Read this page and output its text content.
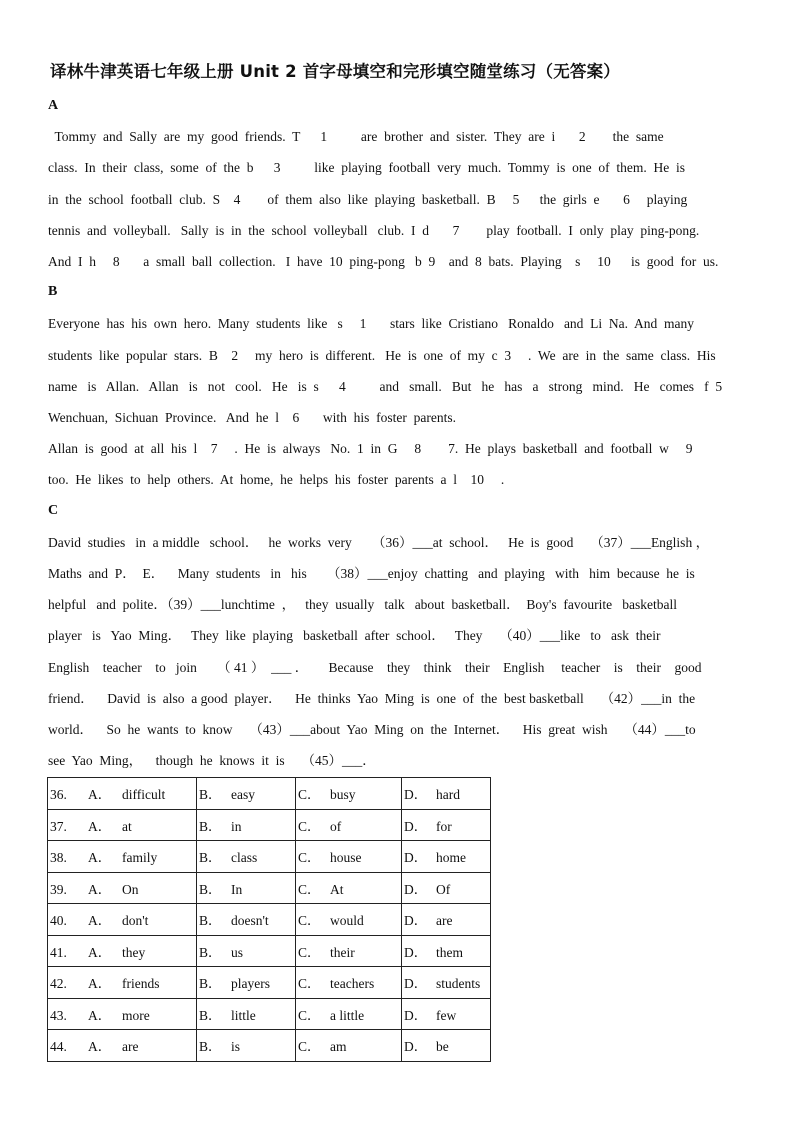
译林牛津英语七年级上册 Unit 2 首字母填空和完形填空随堂练习（无答案）
A
Tommy  and  Sally  are  my  good  friends.  T      1          are  brother  and  sister.  They  are  i       2        the  same
class.  In  their  class,  some  of  the  b      3          like  playing  football  very  much.  Tommy  is  one  of  them.  He  is
in  the  school  football  club.  S    4        of  them  also  like  playing  basketball.  B     5      the  girls  e       6     playing
tennis  and  volleyball.   Sally  is  in  the  school  volleyball   club.  I  d       7        play  football.  I  only  play  ping-pong.
And  I  h     8       a  small  ball  collection.   I  have  10  ping-pong   b  9    and  8  bats.  Playing    s     10      is  good  for  us.
B
Everyone  has  his  own  hero.  Many  students  like   s     1       stars  like  Cristiano   Ronaldo   and  Li  Na.  And  many
students  like  popular  stars.  B    2     my  hero  is  different.   He  is  one  of  my  c  3     .  We  are  in  the  same  class.  His
name   is   Allan.   Allan   is   not   cool.   He   is  s      4          and   small.   But   he   has   a   strong   mind.   He   comes   f  5
Wenchuan,  Sichuan  Province.   And  he  l    6       with  his  foster  parents.
Allan  is  good  at  all  his  l    7     .  He  is  always   No.  1  in  G     8        7.  He  plays  basketball  and  football  w     9
too.  He  likes  to  help  others.  At  home,  he  helps  his  foster  parents  a  l    10     .
C
David  studies   in  a middle   school．   he  works  very      （36）___at  school．   He  is  good     （37）___English ，
Maths  and  P．  E．    Many  students   in   his      （38）___enjoy  chatting   and  playing   with   him  because  he  is
helpful   and  polite．（39）___lunchtime  ，   they  usually   talk   about  basketball．  Boy's  favourite   basketball
player   is   Yao  Ming．   They  like  playing   basketball  after  school．   They     （40）___like   to   ask  their
English    teacher    to   join      （ 41 ）  ___ ．      Because    they    think    their    English     teacher    is    their    good
friend．    David  is  also  a good  player．    He  thinks  Yao  Ming  is  one  of  the  best basketball     （42）___in  the
world．    So  he  wants  to  know     （43）___about  Yao  Ming  on  the  Internet．    His  great  wish     （44）___to
see  Yao  Ming，    though  he  knows  it  is     （45）___．
36. A． difficult	B． easy	C． busy	D． hard
37. A． at	B． in	C． of	D． for
38. A． family	B． class	C． house	D． home
39. A． On	B． In	C． At	D． Of
40. A． don't	B． doesn't	C． would	D． are
41. A． they	B． us	C． their	D． them
42. A． friends	B． players	C． teachers	D． students
43. A． more	B． little	C． a little	D． few
44. A． are	B． is	C． am	D． be
